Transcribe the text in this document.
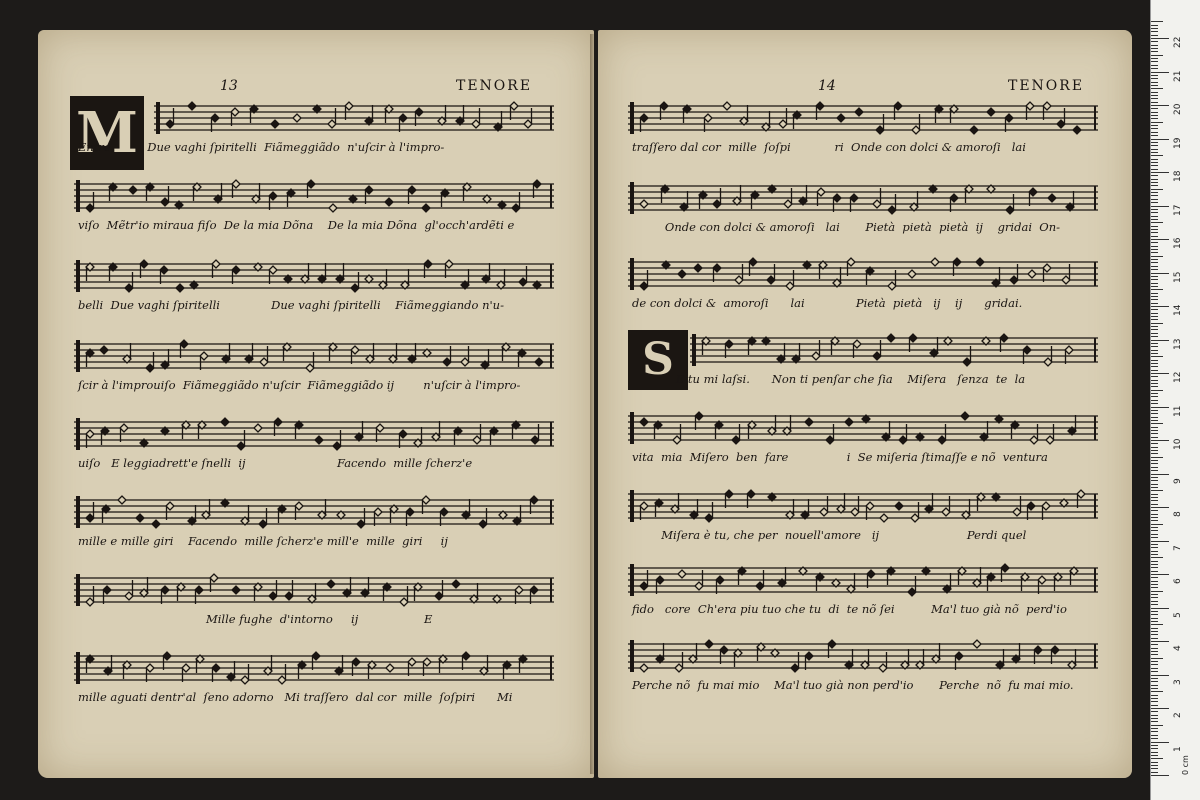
13	TENORE
M
Entre          Due vaghi ſpiritelli  Fiãmeggiãdo  n'uſcir à l'impro-
viſo  Mẽtr'io miraua fiſo  De la mia Dõna    De la mia Dõna  gl'occh'ardẽti e
belli  Due vaghi ſpiritelli              Due vaghi ſpiritelli    Fiãmeggiando n'u-
ſcir à l'improuiſo  Fiãmeggiãdo n'uſcir  Fiãmeggiãdo ij        n'uſcir à l'impro-
uiſo   E leggiadrett'e ſnelli  ij                         Facendo  mille ſcherz'e
mille e mille giri    Facendo  mille ſcherz'e mill'e  mille  giri     ij
Mille fughe  d'intorno     ij                  E
mille aguati dentr'al  ſeno adorno   Mi traſſero  dal cor  mille  ſoſpiri      Mi
14	TENORE
S
traſſero dal cor  mille  ſoſpi            ri  Onde con dolci & amoroſi   lai
Onde con dolci & amoroſi   lai       Pietà  pietà  pietà  ij    gridai  On-
de con dolci &  amoroſi      lai              Pietà  pietà   ij    ij      gridai.
E tu mi laſsi.      Non ti penſar che ſia    Miſera   ſenza  te  la
vita  mia  Miſero  ben  fare                i  Se miſeria ſtimaſſe e nõ  ventura
Miſera è tu, che per  nouell'amore   ij                        Perdi quel
fido   core  Ch'era piu tuo che tu  di  te nõ ſei          Ma'l tuo già nõ  perd'io
Perche nõ  fu mai mio    Ma'l tuo già non perd'io       Perche  nõ  fu mai mio.
1
2
3
4
5
6
7
8
9
10
11
12
13
14
15
16
17
18
19
20
21
22
0 cm
